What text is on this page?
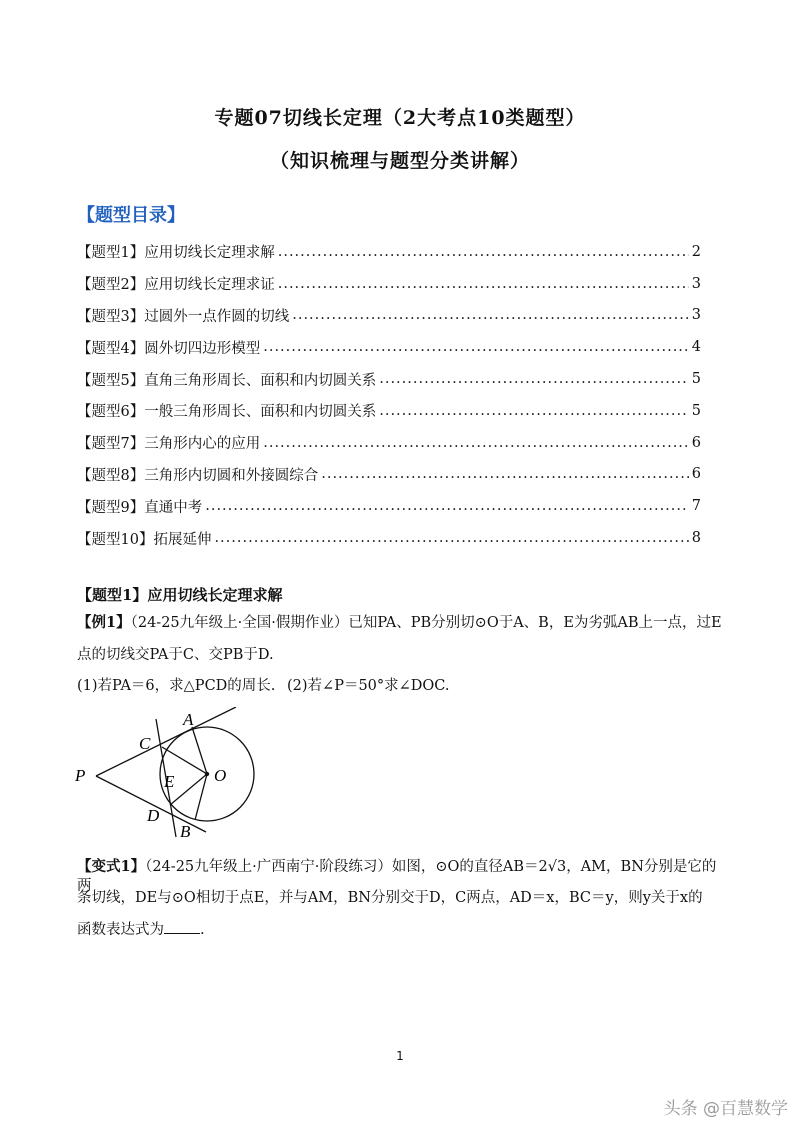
专题07切线长定理（2大考点10类题型）
（知识梳理与题型分类讲解）
【题型目录】
【题型1】应用切线长定理求解 .....	2
【题型2】应用切线长定理求证 .....	3
【题型3】过圆外一点作圆的切线 .....	3
【题型4】圆外切四边形模型 .....	4
【题型5】直角三角形周长、面积和内切圆关系 .....	5
【题型6】一般三角形周长、面积和内切圆关系 .....	5
【题型7】三角形内心的应用 .....	6
【题型8】三角形内切圆和外接圆综合 .....	6
【题型9】直通中考 .....	7
【题型10】拓展延伸 .....	8
【题型1】应用切线长定理求解
【例1】（24-25九年级上·全国·假期作业）已知PA、PB分别切⊙O于A、B，E为劣弧AB上一点，过E
点的切线交PA于C、交PB于D.
(1)若PA＝6，求△PCD的周长. (2)若∠P＝50°求∠DOC.
A
C
P	E O
D
B
【变式1】（24-25九年级上·广西南宁·阶段练习）如图，⊙O的直径AB＝2√3，AM，BN分别是它的两
条切线，DE与⊙O相切于点E，并与AM，BN分别交于D，C两点，AD＝x，BC＝y，则y关于x的
函数表达式为 .
1
头条 @百慧数学
